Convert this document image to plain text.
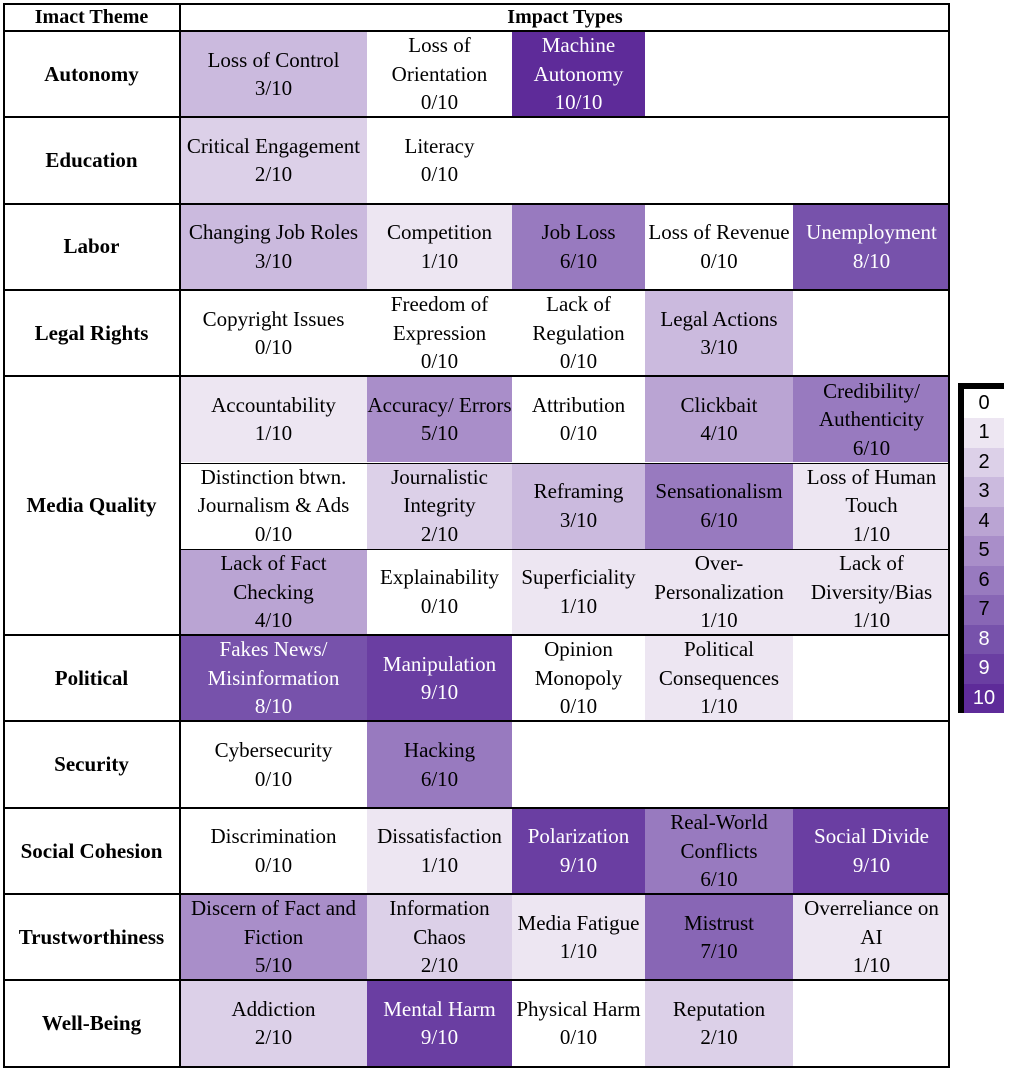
Imact Theme	Impact Types
Autonomy
Loss of Control
3/10
Loss of Orientation
0/10
Machine Autonomy
10/10
Education
Critical Engagement
2/10
Literacy
0/10
Labor
Changing Job Roles
3/10
Competition
1/10
Job Loss
6/10
Loss of Revenue
0/10
Unemployment
8/10
Legal Rights
Copyright Issues
0/10
Freedom of Expression
0/10
Lack of Regulation
0/10
Legal Actions
3/10
Media Quality
Accountability
1/10
Accuracy/ Errors
5/10
Attribution
0/10
Clickbait
4/10
Credibility/ Authenticity
6/10
Distinction btwn. Journalism & Ads
0/10
Journalistic Integrity
2/10
Reframing
3/10
Sensationalism
6/10
Loss of Human Touch
1/10
Lack of Fact Checking
4/10
Explainability
0/10
Superficiality
1/10
Over-Personalization
1/10
Lack of Diversity/Bias
1/10
Political
Fakes News/ Misinformation
8/10
Manipulation
9/10
Opinion Monopoly
0/10
Political Consequences
1/10
Security
Cybersecurity
0/10
Hacking
6/10
Social Cohesion
Discrimination
0/10
Dissatisfaction
1/10
Polarization
9/10
Real-World Conflicts
6/10
Social Divide
9/10
Trustworthiness
Discern of Fact and Fiction
5/10
Information Chaos
2/10
Media Fatigue
1/10
Mistrust
7/10
Overreliance on AI
1/10
Well-Being
Addiction
2/10
Mental Harm
9/10
Physical Harm
0/10
Reputation
2/10
0
1
2
3
4
5
6
7
8
9
10
